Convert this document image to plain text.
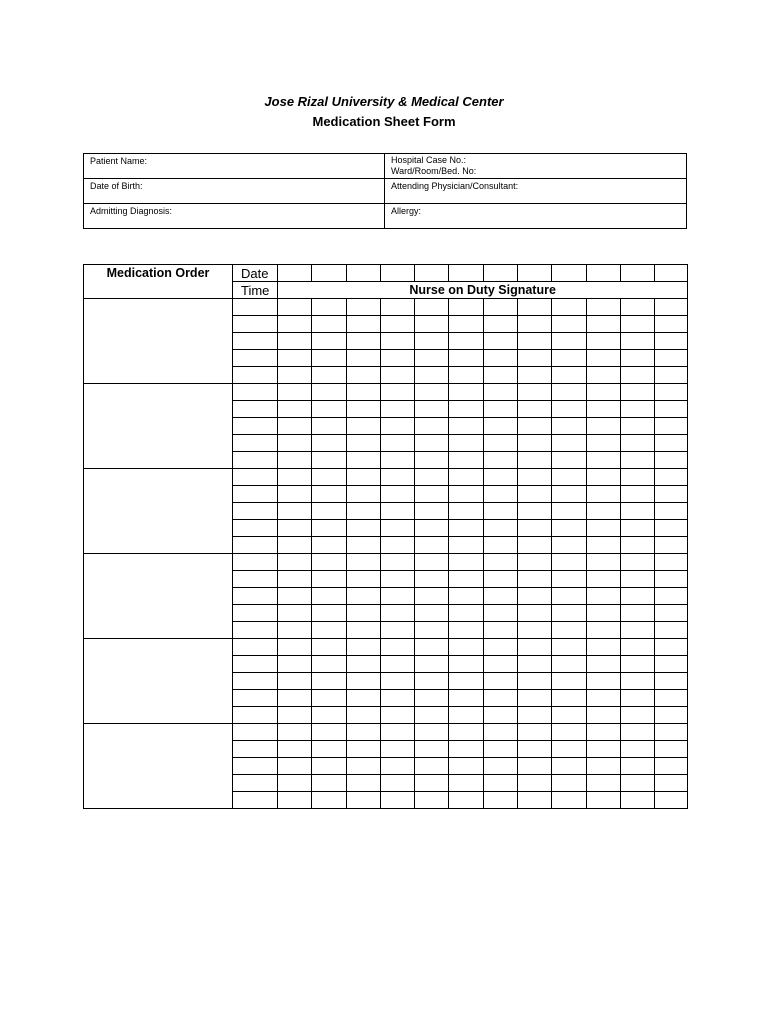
Jose Rizal University & Medical Center
Medication Sheet Form
Patient Name:	Hospital Case No.:
Ward/Room/Bed. No:

Date of Birth:	Attending Physician/Consultant:
Admitting Diagnosis:	Allergy:
Medication Order	Date												
	Time	Nurse on Duty Signature											
